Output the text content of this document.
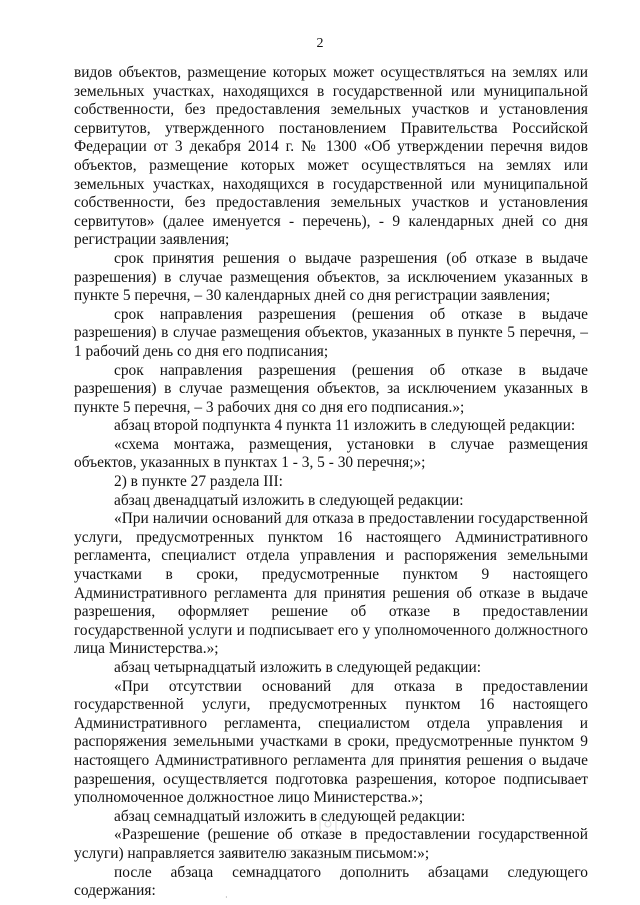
2

видов объектов, размещение которых может осуществляться на землях или земельных участках, находящихся в государственной или муниципальной собственности, без предоставления земельных участков и установления сервитутов, утвержденного постановлением Правительства Российской Федерации от 3 декабря 2014 г. № 1300 «Об утверждении перечня видов объектов, размещение которых может осуществляться на землях или земельных участках, находящихся в государственной или муниципальной собственности, без предоставления земельных участков и установления сервитутов» (далее именуется - перечень), - 9 календарных дней со дня регистрации заявления;

срок принятия решения о выдаче разрешения (об отказе в выдаче разрешения) в случае размещения объектов, за исключением указанных в пункте 5 перечня, – 30 календарных дней со дня регистрации заявления;

срок направления разрешения (решения об отказе в выдаче разрешения) в случае размещения объектов, указанных в пункте 5 перечня, – 1 рабочий день со дня его подписания;

срок направления разрешения (решения об отказе в выдаче разрешения) в случае размещения объектов, за исключением указанных в пункте 5 перечня, – 3 рабочих дня со дня его подписания.»;

абзац второй подпункта 4 пункта 11 изложить в следующей редакции:

«схема монтажа, размещения, установки в случае размещения объектов, указанных в пунктах 1 - 3, 5 - 30 перечня;»;

2) в пункте 27 раздела III:

абзац двенадцатый изложить в следующей редакции:

«При наличии оснований для отказа в предоставлении государственной услуги, предусмотренных пунктом 16 настоящего Административного регламента, специалист отдела управления и распоряжения земельными участками в сроки, предусмотренные пунктом 9 настоящего Административного регламента для принятия решения об отказе в выдаче разрешения, оформляет решение об отказе в предоставлении государственной услуги и подписывает его у уполномоченного должностного лица Министерства.»;

абзац четырнадцатый изложить в следующей редакции:

«При отсутствии оснований для отказа в предоставлении государственной услуги, предусмотренных пунктом 16 настоящего Административного регламента, специалистом отдела управления и распоряжения земельными участками в сроки, предусмотренные пунктом 9 настоящего Административного регламента для принятия решения о выдаче разрешения, осуществляется подготовка разрешения, которое подписывает уполномоченное должностное лицо Министерства.»;

абзац семнадцатый изложить в следующей редакции:

«Разрешение (решение об отказе в предоставлении государственной услуги) направляется заявителю заказным письмом:»;

после абзаца семнадцатого дополнить абзацами следующего содержания:	·
